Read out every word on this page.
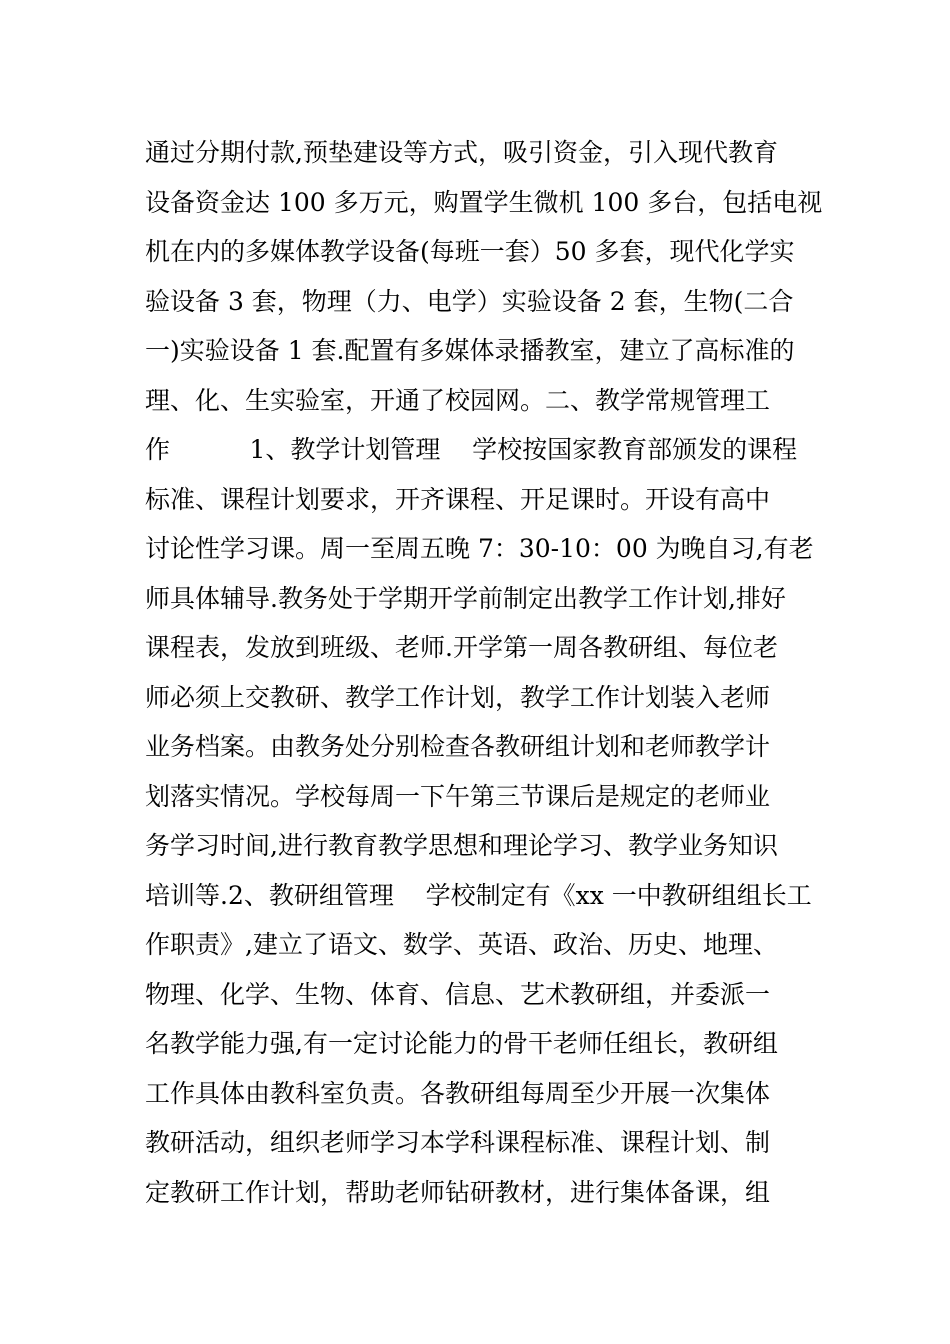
通过分期付款,预垫建设等方式，吸引资金，引入现代教育
设备资金达 100 多万元，购置学生微机 100 多台，包括电视
机在内的多媒体教学设备(每班一套）50 多套，现代化学实
验设备 3 套，物理（力、电学）实验设备 2 套，生物(二合
一)实验设备 1 套.配置有多媒体录播教室，建立了高标准的
理、化、生实验室，开通了校园网。二、教学常规管理工
作          1、教学计划管理    学校按国家教育部颁发的课程
标准、课程计划要求，开齐课程、开足课时。开设有高中
讨论性学习课。周一至周五晚 7：30-10：00 为晚自习,有老
师具体辅导.教务处于学期开学前制定出教学工作计划,排好
课程表，发放到班级、老师.开学第一周各教研组、每位老
师必须上交教研、教学工作计划，教学工作计划装入老师
业务档案。由教务处分别检查各教研组计划和老师教学计
划落实情况。学校每周一下午第三节课后是规定的老师业
务学习时间,进行教育教学思想和理论学习、教学业务知识
培训等.2、教研组管理    学校制定有《xx 一中教研组组长工
作职责》,建立了语文、数学、英语、政治、历史、地理、
物理、化学、生物、体育、信息、艺术教研组，并委派一
名教学能力强,有一定讨论能力的骨干老师任组长，教研组
工作具体由教科室负责。各教研组每周至少开展一次集体
教研活动，组织老师学习本学科课程标准、课程计划、制
定教研工作计划，帮助老师钻研教材，进行集体备课，组
